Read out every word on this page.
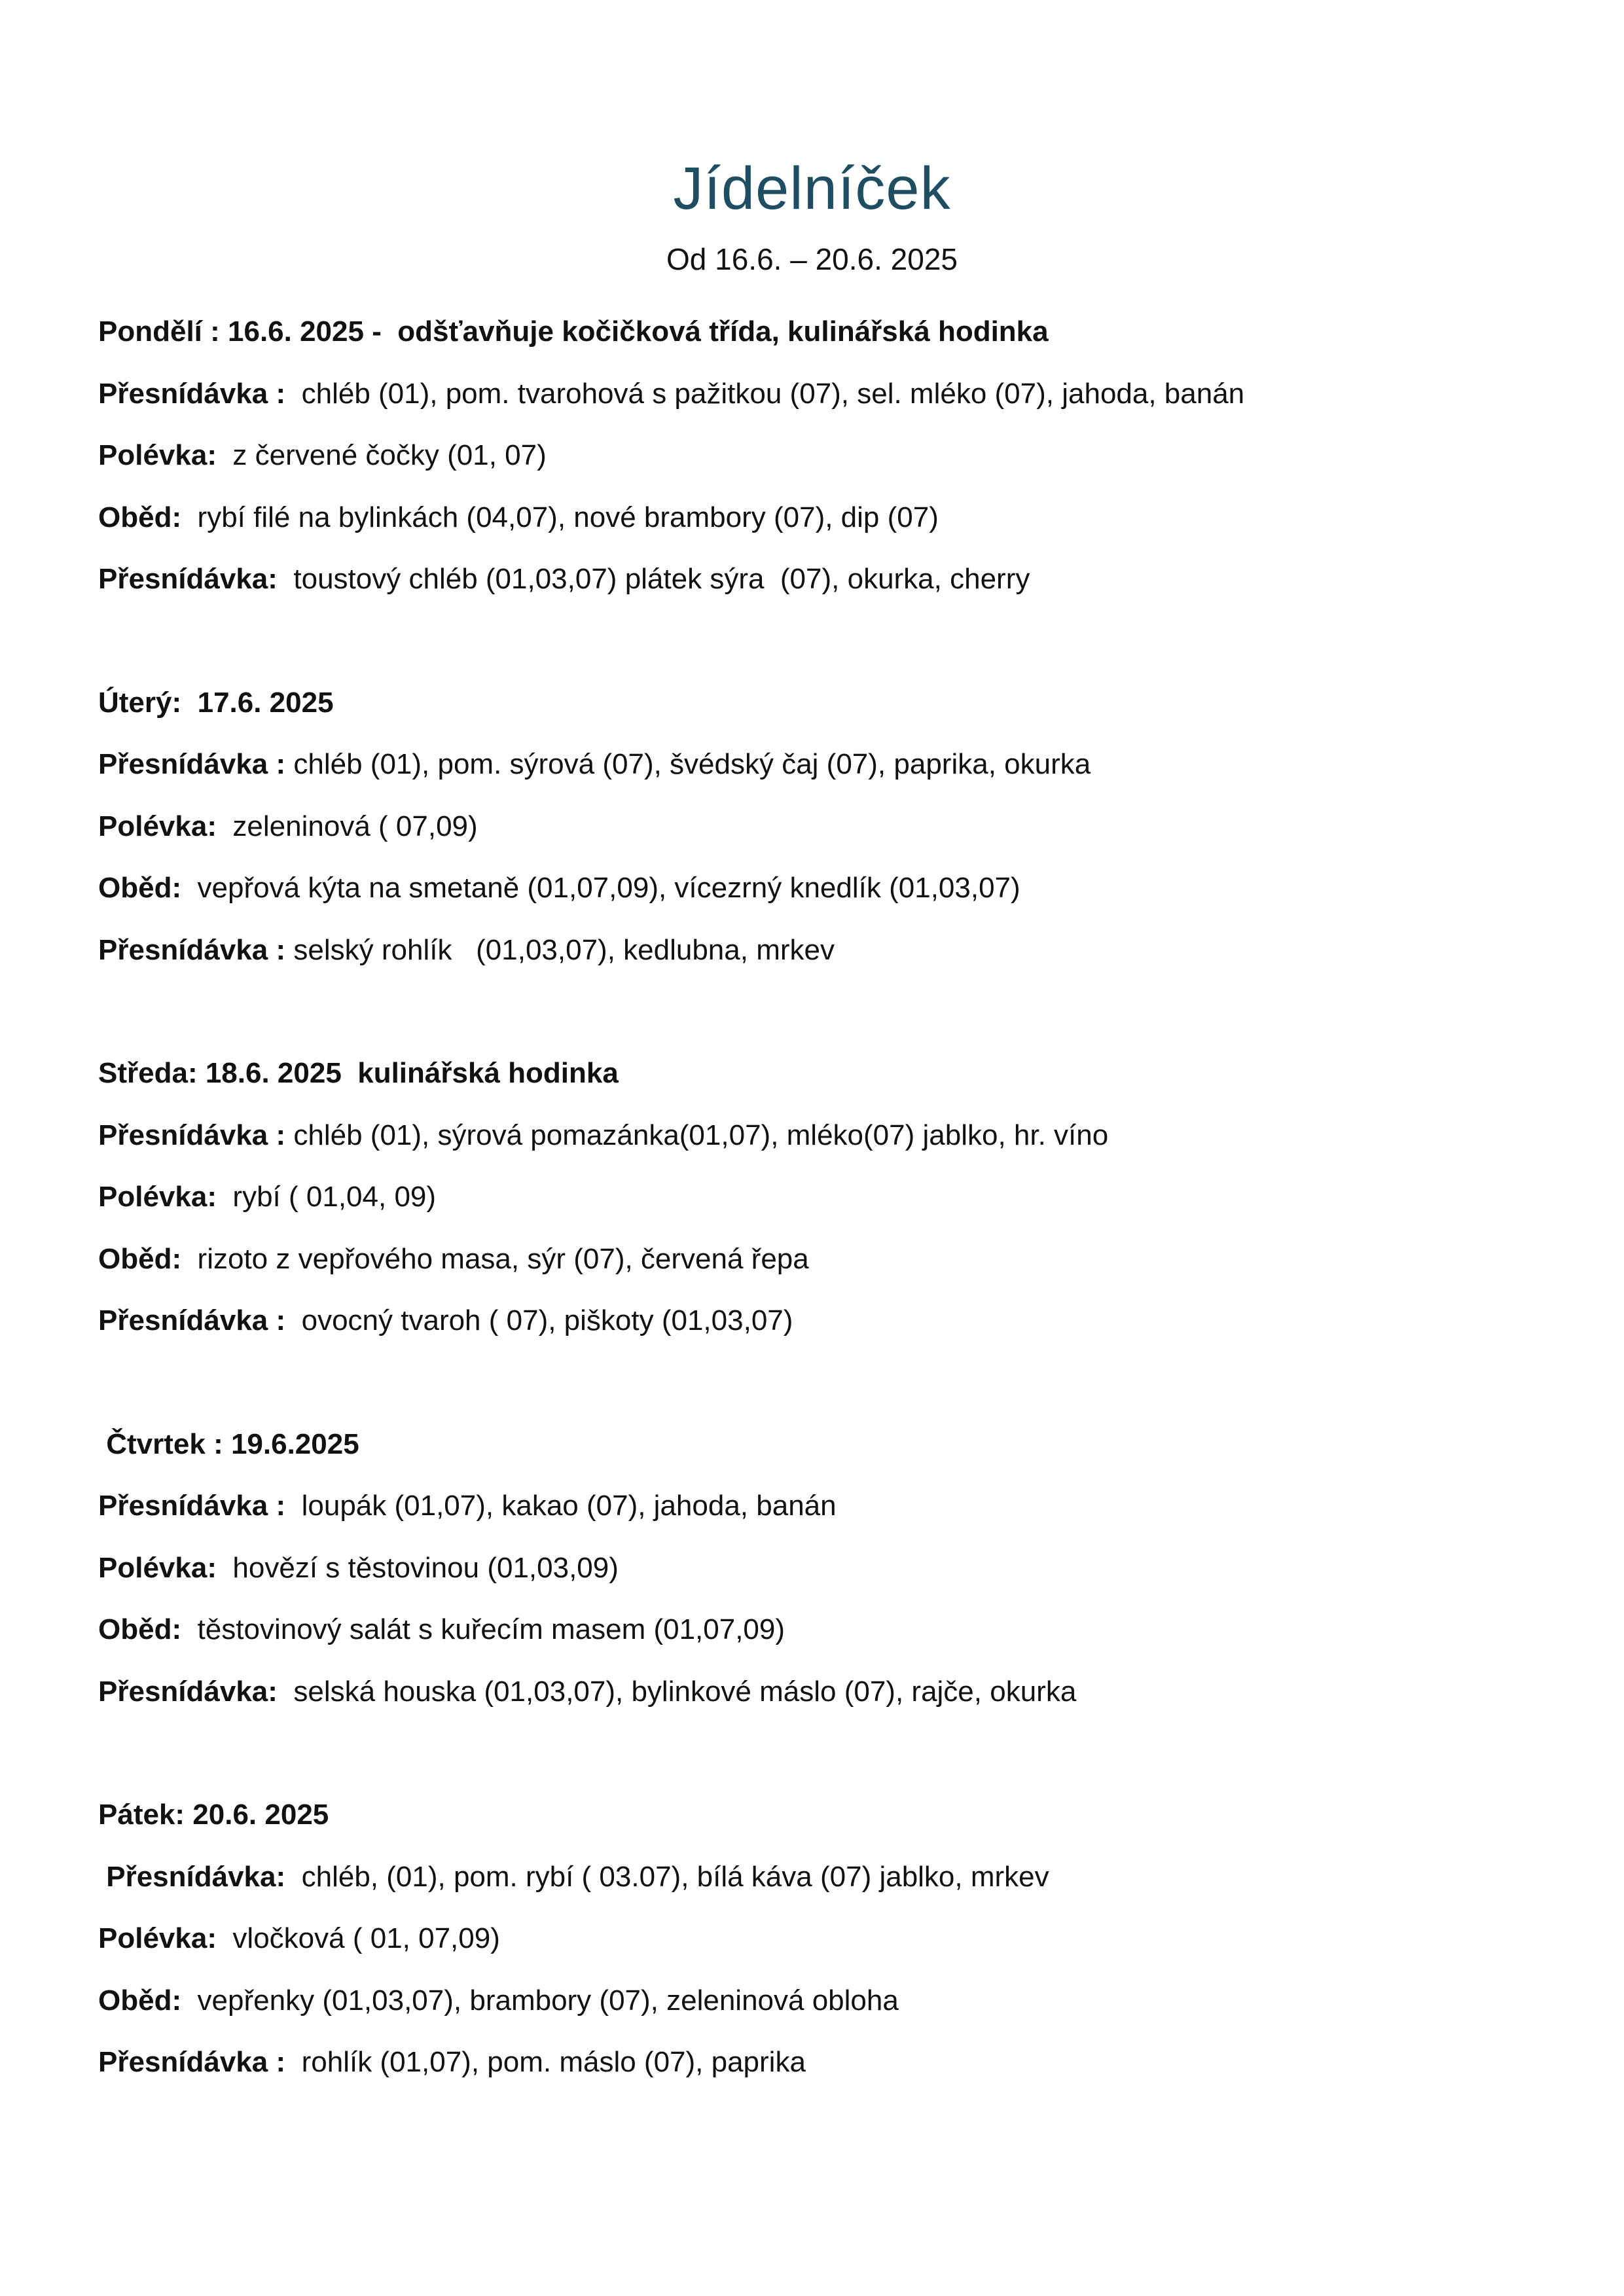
Jídelníček
Od 16.6. – 20.6. 2025
Pondělí : 16.6. 2025 -  odšťavňuje kočičková třída, kulinářská hodinka
Přesnídávka :  chléb (01), pom. tvarohová s pažitkou (07), sel. mléko (07), jahoda, banán
Polévka:  z červené čočky (01, 07)
Oběd:  rybí filé na bylinkách (04,07), nové brambory (07), dip (07)
Přesnídávka:  toustový chléb (01,03,07) plátek sýra  (07), okurka, cherry
Úterý:  17.6. 2025
Přesnídávka : chléb (01), pom. sýrová (07), švédský čaj (07), paprika, okurka
Polévka:  zeleninová ( 07,09)
Oběd:  vepřová kýta na smetaně (01,07,09), vícezrný knedlík (01,03,07)
Přesnídávka : selský rohlík   (01,03,07), kedlubna, mrkev
Středa: 18.6. 2025  kulinářská hodinka
Přesnídávka : chléb (01), sýrová pomazánka(01,07), mléko(07) jablko, hr. víno
Polévka:  rybí ( 01,04, 09)
Oběd:  rizoto z vepřového masa, sýr (07), červená řepa
Přesnídávka :  ovocný tvaroh ( 07), piškoty (01,03,07)
Čtvrtek : 19.6.2025
Přesnídávka :  loupák (01,07), kakao (07), jahoda, banán
Polévka:  hovězí s těstovinou (01,03,09)
Oběd:  těstovinový salát s kuřecím masem (01,07,09)
Přesnídávka:  selská houska (01,03,07), bylinkové máslo (07), rajče, okurka
Pátek: 20.6. 2025
Přesnídávka:  chléb, (01), pom. rybí ( 03.07), bílá káva (07) jablko, mrkev
Polévka:  vločková ( 01, 07,09)
Oběd:  vepřenky (01,03,07), brambory (07), zeleninová obloha
Přesnídávka :  rohlík (01,07), pom. máslo (07), paprika
